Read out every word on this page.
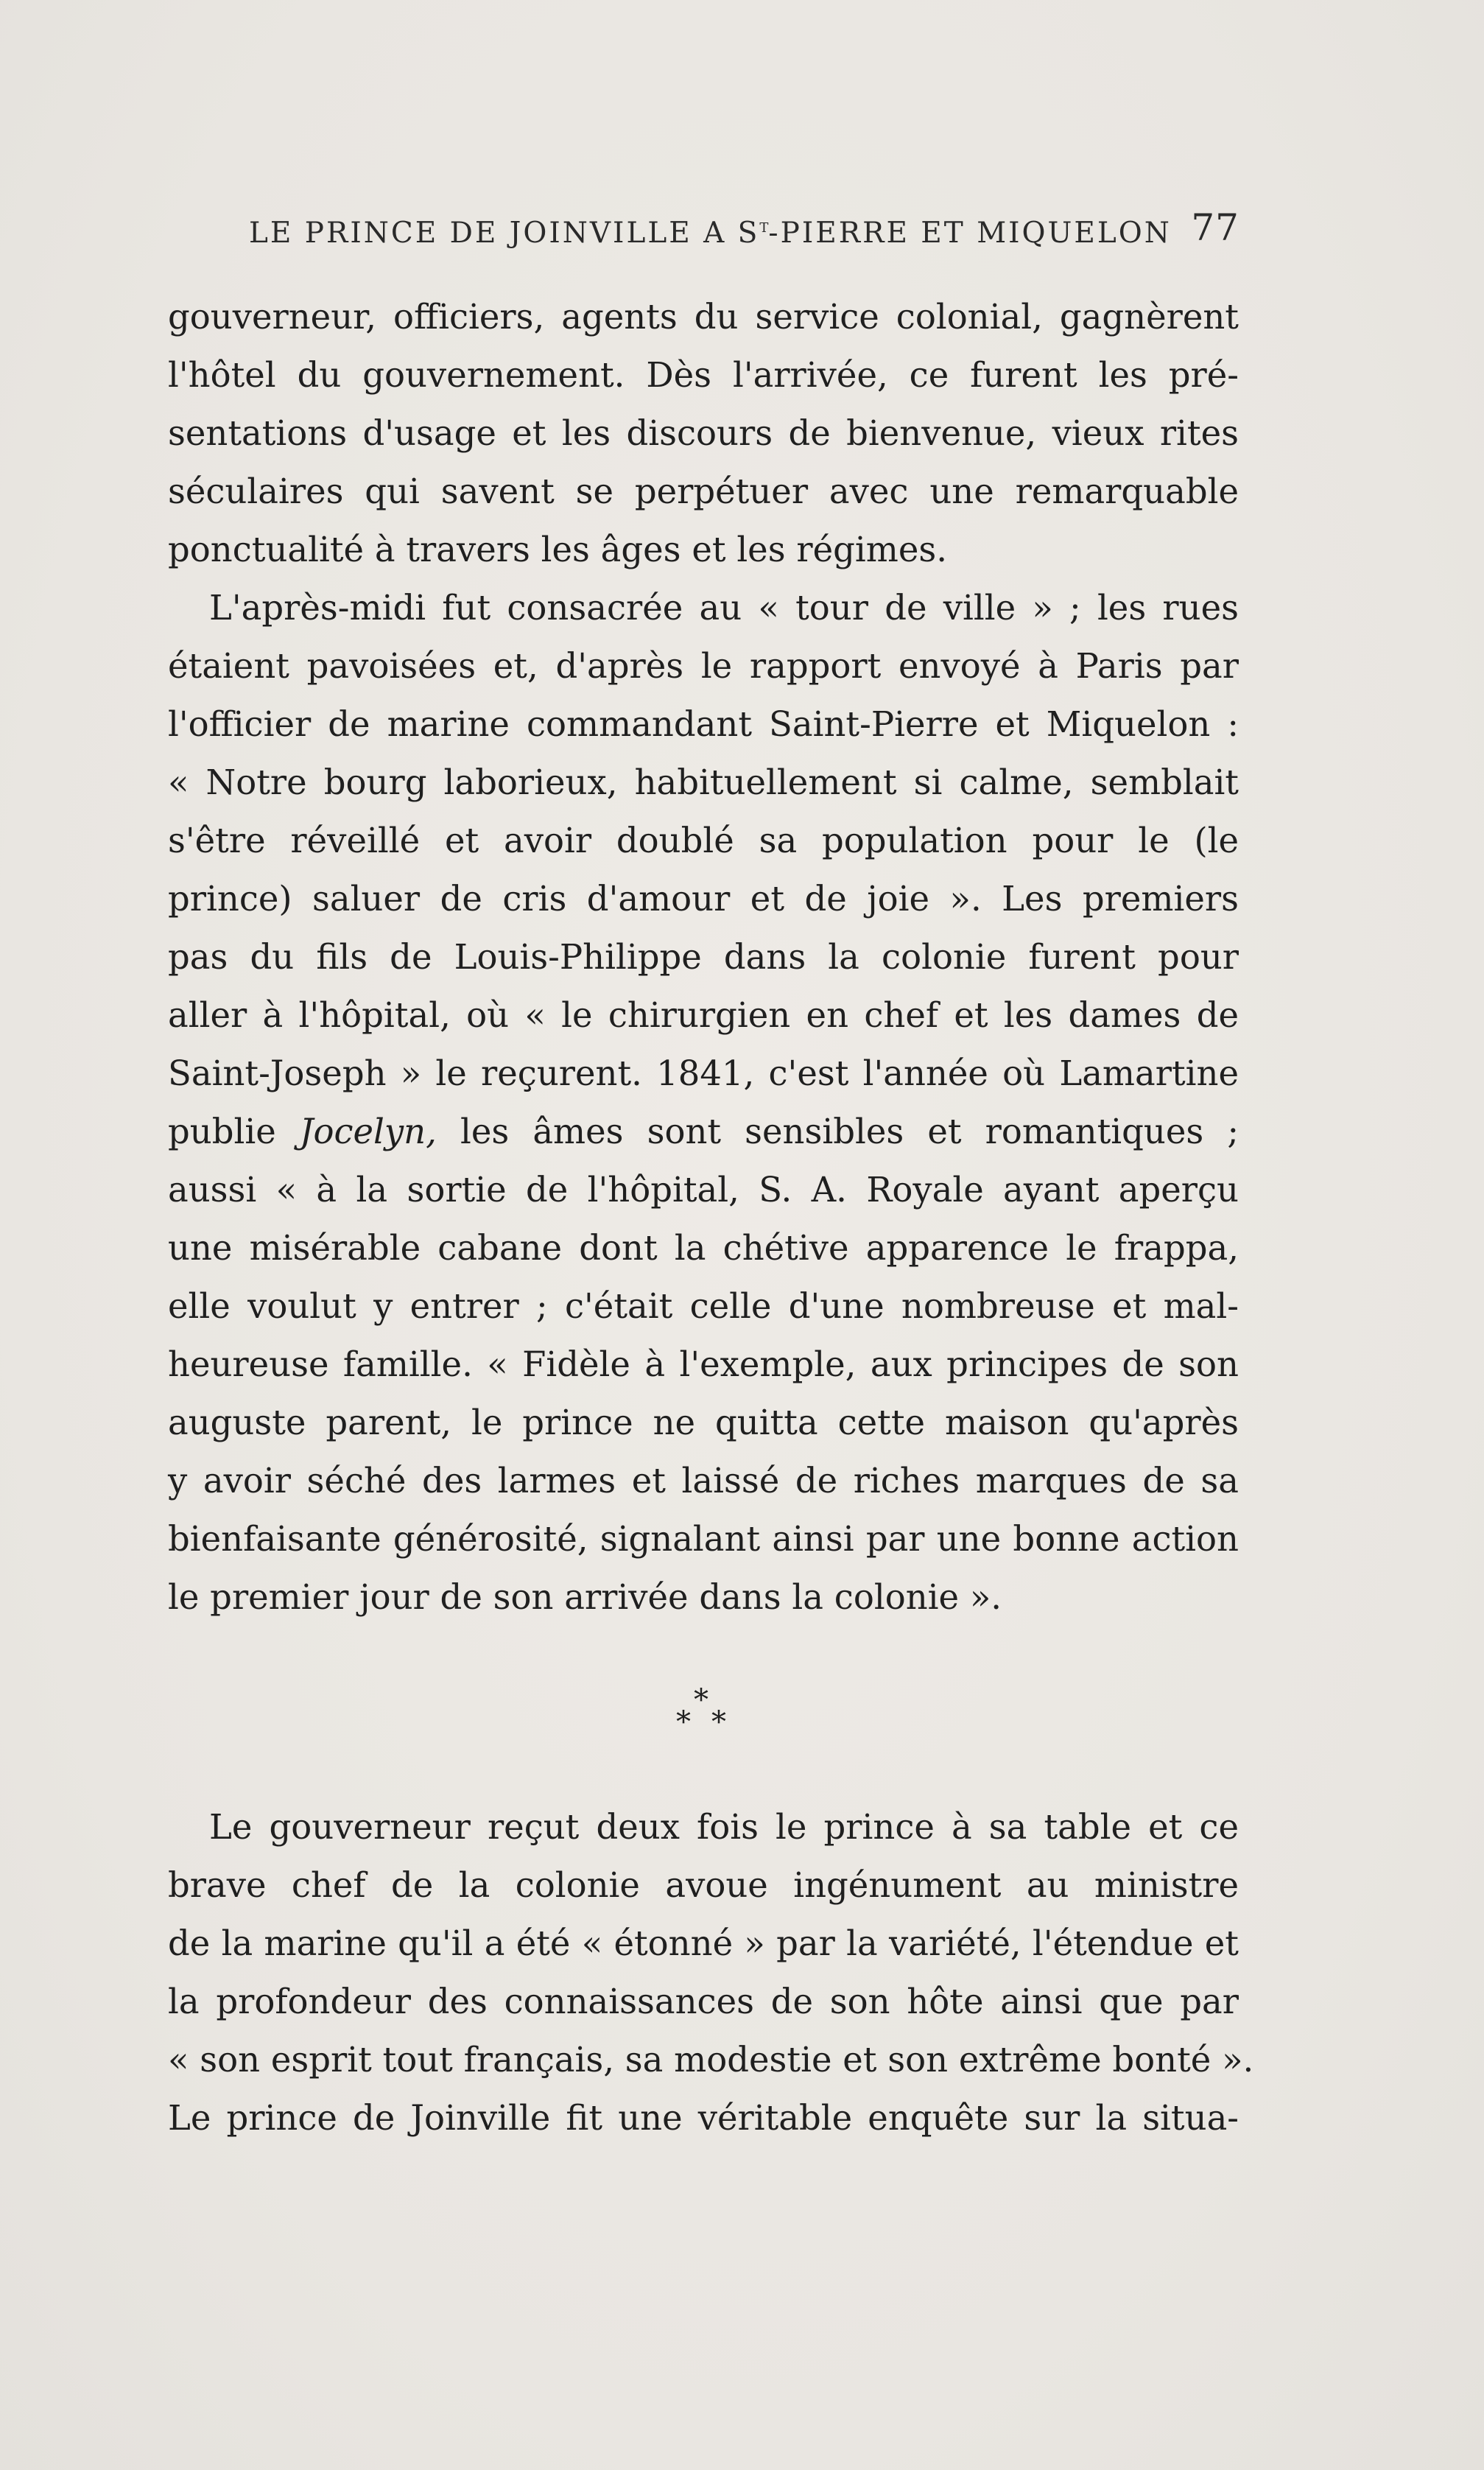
LE PRINCE DE JOINVILLE A $S^t$-PIERRE ET MIQUELON 77
gouverneur, officiers, agents du service colonial, gagnèrent
l'hôtel du gouvernement. Dès l'arrivée, ce furent les pré-
sentations d'usage et les discours de bienvenue, vieux rites
séculaires qui savent se perpétuer avec une remarquable
ponctualité à travers les âges et les régimes.
L'après-midi fut consacrée au « tour de ville » ; les rues
étaient pavoisées et, d'après le rapport envoyé à Paris par
l'officier de marine commandant Saint-Pierre et Miquelon :
« Notre bourg laborieux, habituellement si calme, semblait
s'être réveillé et avoir doublé sa population pour le (le
prince) saluer de cris d'amour et de joie ». Les premiers
pas du fils de Louis-Philippe dans la colonie furent pour
aller à l'hôpital, où « le chirurgien en chef et les dames de
Saint-Joseph » le reçurent. 1841, c'est l'année où Lamartine
publie Jocelyn, les âmes sont sensibles et romantiques ;
aussi « à la sortie de l'hôpital, S. A. Royale ayant aperçu
une misérable cabane dont la chétive apparence le frappa,
elle voulut y entrer ; c'était celle d'une nombreuse et mal-
heureuse famille. « Fidèle à l'exemple, aux principes de son
auguste parent, le prince ne quitta cette maison qu'après
y avoir séché des larmes et laissé de riches marques de sa
bienfaisante générosité, signalant ainsi par une bonne action
le premier jour de son arrivée dans la colonie ».
*
* *
Le gouverneur reçut deux fois le prince à sa table et ce
brave chef de la colonie avoue ingénument au ministre
de la marine qu'il a été « étonné » par la variété, l'étendue et
la profondeur des connaissances de son hôte ainsi que par
« son esprit tout français, sa modestie et son extrême bonté ».
Le prince de Joinville fit une véritable enquête sur la situa-
